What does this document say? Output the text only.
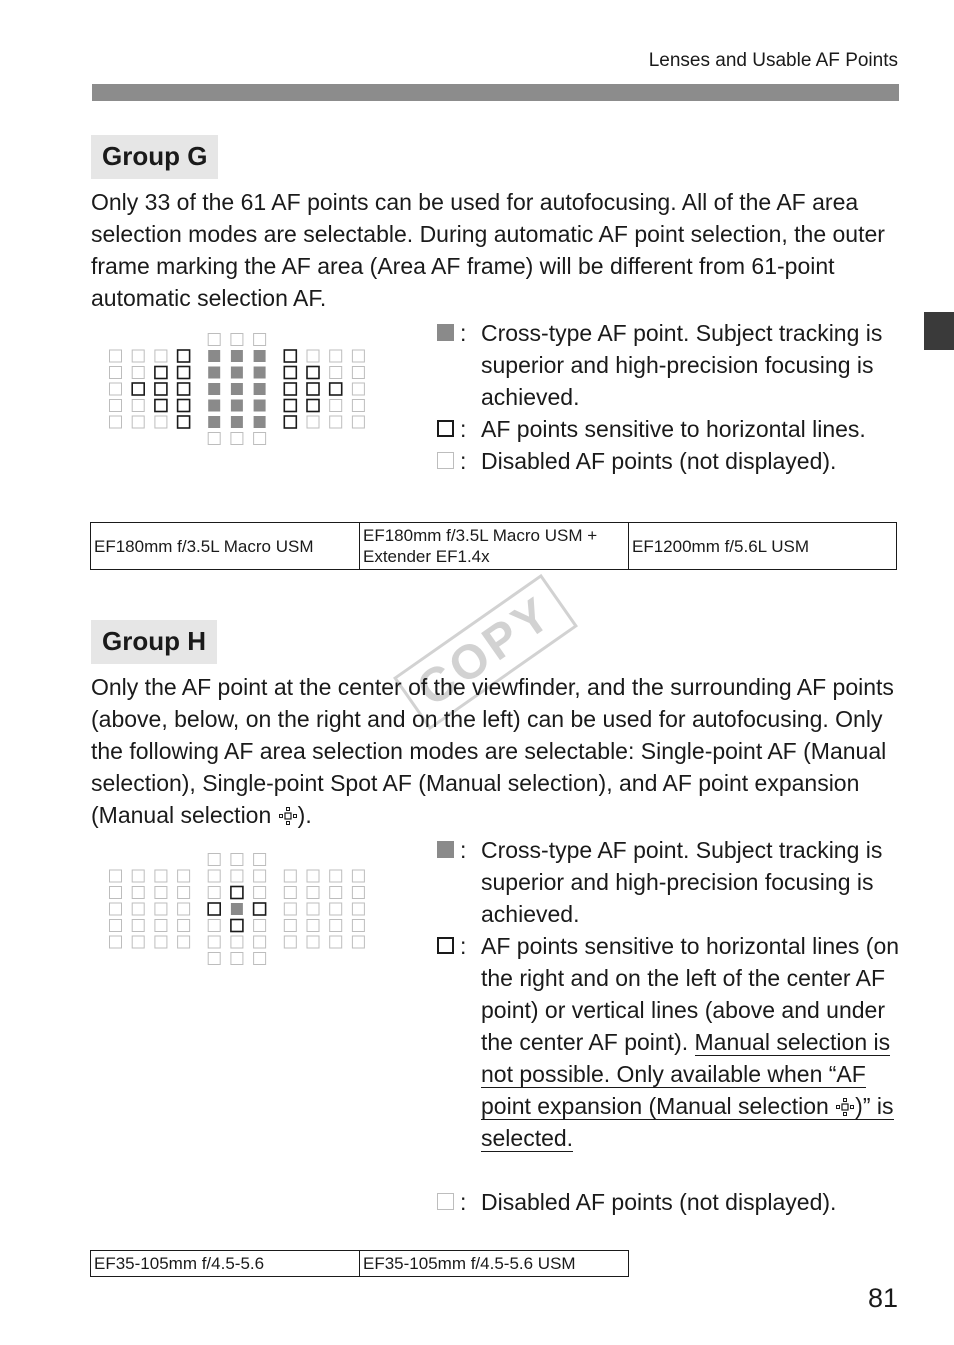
Lenses and Usable AF Points
COPY
Group G
Only 33 of the 61 AF points can be used for autofocusing. All of the AF area selection modes are selectable. During automatic AF point selection, the outer frame marking the AF area (Area AF frame) will be different from 61-point automatic selection AF.
: Cross-type AF point. Subject tracking is superior and high-precision focusing is achieved.
: AF points sensitive to horizontal lines.
: Disabled AF points (not displayed).
EF180mm f/3.5L Macro USM	EF180mm f/3.5L Macro USM + Extender EF1.4x	EF1200mm f/5.6L USM
Group H
Only the AF point at the center of the viewfinder, and the surrounding AF points (above, below, on the right and on the left) can be used for autofocusing. Only the following AF area selection modes are selectable: Single-point AF (Manual selection), Single-point Spot AF (Manual selection), and AF point expansion (Manual selection ).
: Cross-type AF point. Subject tracking is superior and high-precision focusing is achieved.
: AF points sensitive to horizontal lines (on the right and on the left of the center AF point) or vertical lines (above and under the center AF point). Manual selection is not possible. Only available when “AF point expansion (Manual selection )” is selected.
: Disabled AF points (not displayed).
EF35-105mm f/4.5-5.6	EF35-105mm f/4.5-5.6 USM
81
